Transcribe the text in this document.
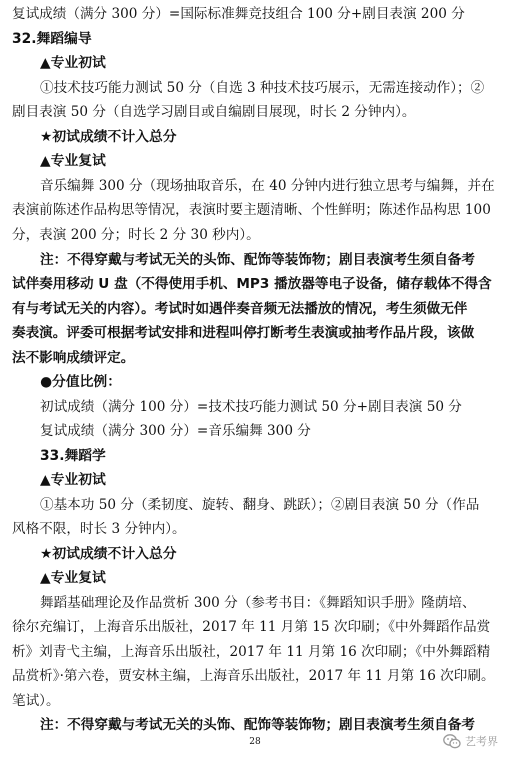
复试成绩（满分 300 分）=国际标准舞竞技组合 100 分+剧目表演 200 分
32.舞蹈编导
▲专业初试
①技术技巧能力测试 50 分（自选 3 种技术技巧展示，无需连接动作）；②
剧目表演 50 分（自选学习剧目或自编剧目展现，时长 2 分钟内）。
★初试成绩不计入总分
▲专业复试
音乐编舞 300 分（现场抽取音乐，在 40 分钟内进行独立思考与编舞，并在
表演前陈述作品构思等情况，表演时要主题清晰、个性鲜明；陈述作品构思 100
分，表演 200 分；时长 2 分 30 秒内）。
注：不得穿戴与考试无关的头饰、配饰等装饰物；剧目表演考生须自备考
试伴奏用移动 U 盘（不得使用手机、MP3 播放器等电子设备，储存载体不得含
有与考试无关的内容）。考试时如遇伴奏音频无法播放的情况，考生须做无伴
奏表演。评委可根据考试安排和进程叫停打断考生表演或抽考作品片段，该做
法不影响成绩评定。
●分值比例：
初试成绩（满分 100 分）=技术技巧能力测试 50 分+剧目表演 50 分
复试成绩（满分 300 分）=音乐编舞 300 分
33.舞蹈学
▲专业初试
①基本功 50 分（柔韧度、旋转、翻身、跳跃）；②剧目表演 50 分（作品
风格不限，时长 3 分钟内）。
★初试成绩不计入总分
▲专业复试
舞蹈基础理论及作品赏析 300 分（参考书目：《舞蹈知识手册》隆荫培、
徐尔充编订，上海音乐出版社，2017 年 11 月第 15 次印刷；《中外舞蹈作品赏
析》刘青弋主编，上海音乐出版社，2017 年 11 月第 16 次印刷；《中外舞蹈精
品赏析》·第六卷，贾安林主编，上海音乐出版社，2017 年 11 月第 16 次印刷。
笔试）。
注：不得穿戴与考试无关的头饰、配饰等装饰物；剧目表演考生须自备考
28	艺考界
